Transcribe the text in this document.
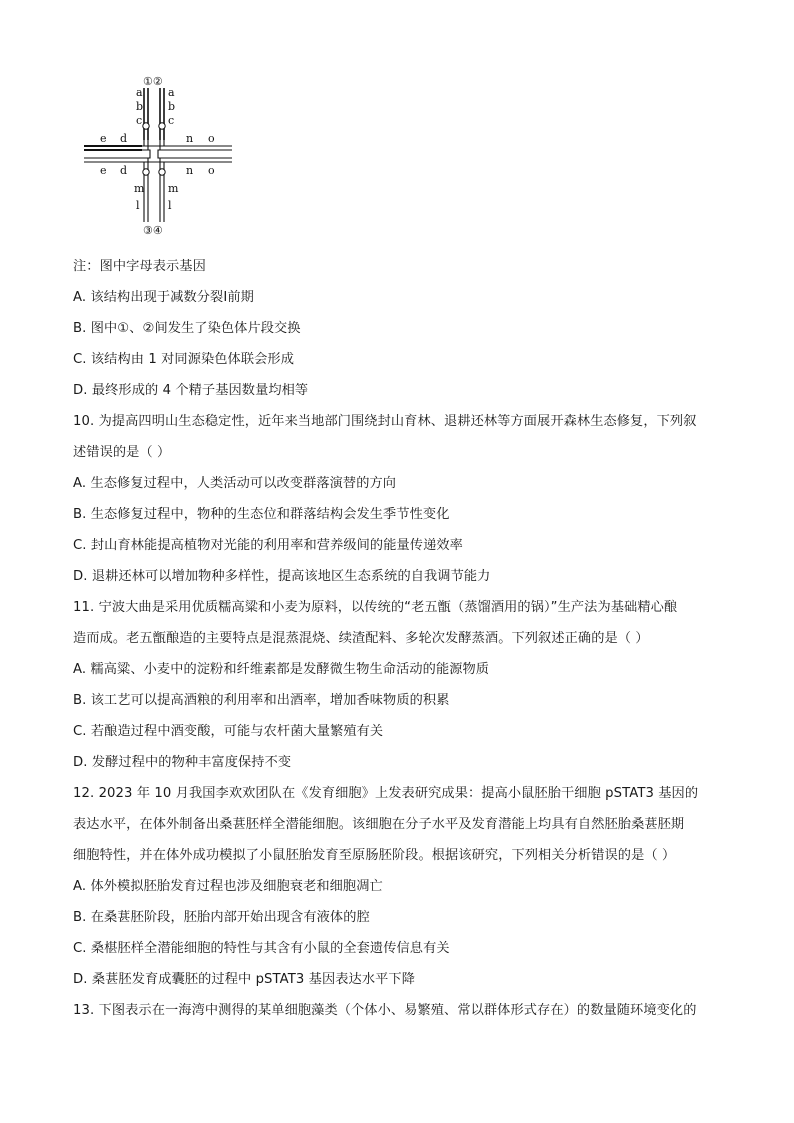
①②
③④
a
b
c
a
b
c
e d
e d
n o
n o
m
l
m
l
注：图中字母表示基因
A. 该结构出现于减数分裂Ⅰ前期
B. 图中①、②间发生了染色体片段交换
C. 该结构由 1 对同源染色体联会形成
D. 最终形成的 4 个精子基因数量均相等
10. 为提高四明山生态稳定性，近年来当地部门围绕封山育林、退耕还林等方面展开森林生态修复，下列叙
述错误的是（ ）
A. 生态修复过程中，人类活动可以改变群落演替的方向
B. 生态修复过程中，物种的生态位和群落结构会发生季节性变化
C. 封山育林能提高植物对光能的利用率和营养级间的能量传递效率
D. 退耕还林可以增加物种多样性，提高该地区生态系统的自我调节能力
11. 宁波大曲是采用优质糯高粱和小麦为原料，以传统的“老五甑（蒸馏酒用的锅）”生产法为基础精心酿
造而成。老五甑酿造的主要特点是混蒸混烧、续渣配料、多轮次发酵蒸酒。下列叙述正确的是（ ）
A. 糯高粱、小麦中的淀粉和纤维素都是发酵微生物生命活动的能源物质
B. 该工艺可以提高酒粮的利用率和出酒率，增加香味物质的积累
C. 若酿造过程中酒变酸，可能与农杆菌大量繁殖有关
D. 发酵过程中的物种丰富度保持不变
12. 2023 年 10 月我国李欢欢团队在《发育细胞》上发表研究成果：提高小鼠胚胎干细胞 pSTAT3 基因的
表达水平，在体外制备出桑葚胚样全潜能细胞。该细胞在分子水平及发育潜能上均具有自然胚胎桑葚胚期
细胞特性，并在体外成功模拟了小鼠胚胎发育至原肠胚阶段。根据该研究，下列相关分析错误的是（ ）
A. 体外模拟胚胎发育过程也涉及细胞衰老和细胞凋亡
B. 在桑葚胚阶段，胚胎内部开始出现含有液体的腔
C. 桑椹胚样全潜能细胞的特性与其含有小鼠的全套遗传信息有关
D. 桑葚胚发育成囊胚的过程中 pSTAT3 基因表达水平下降
13. 下图表示在一海湾中测得的某单细胞藻类（个体小、易繁殖、常以群体形式存在）的数量随环境变化的
